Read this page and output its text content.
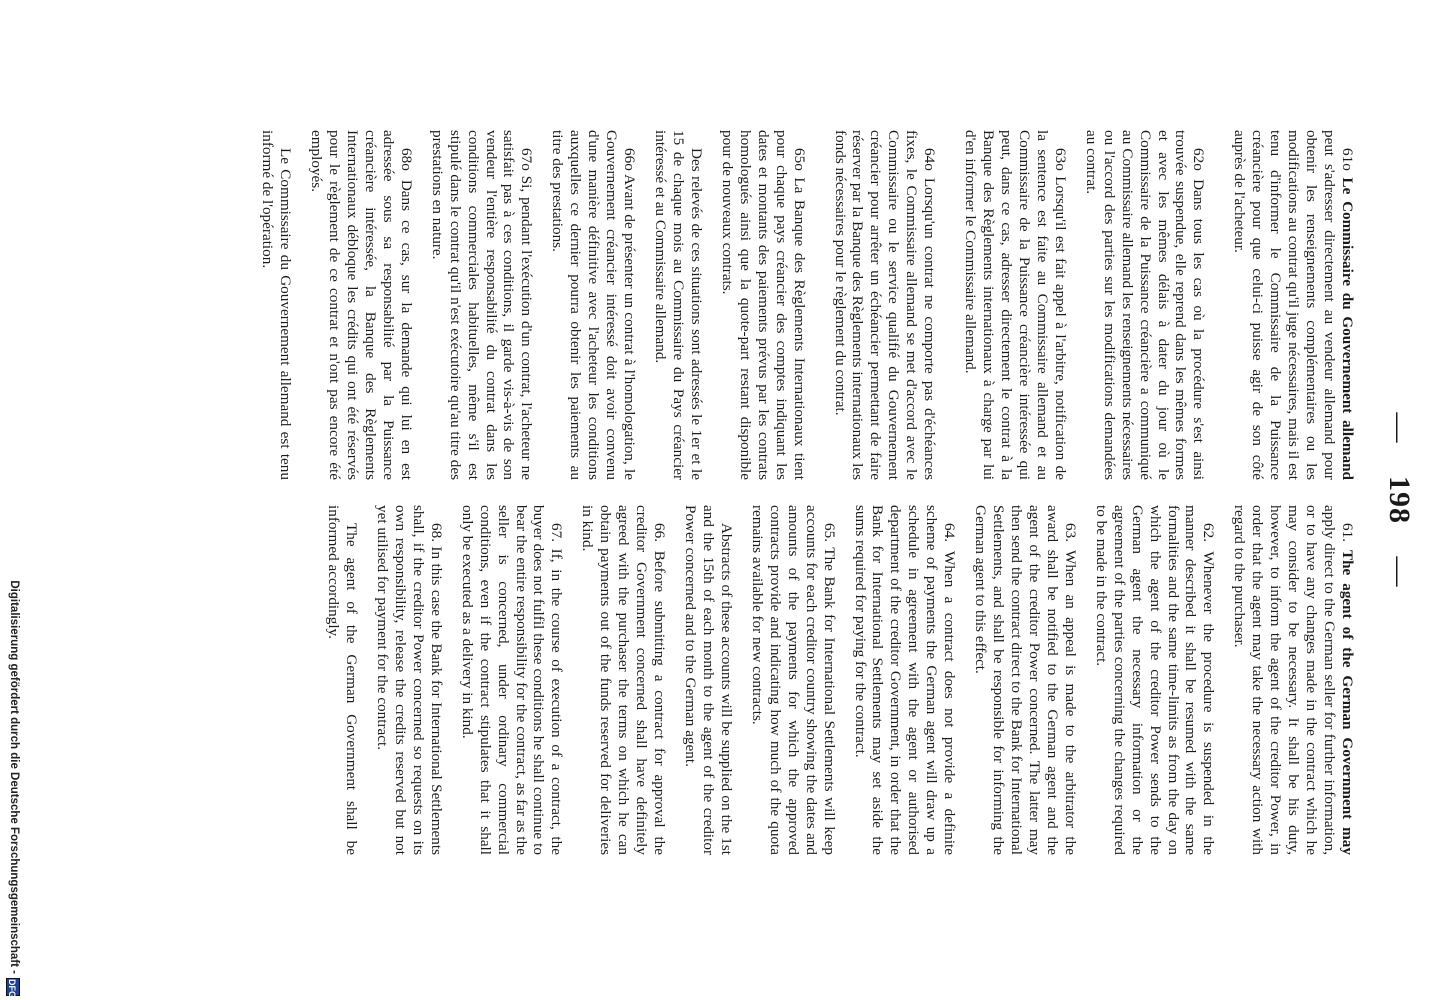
— 198 —

61o Le Commissaire du Gouvernement allemand peut s'adresser directement au vendeur allemand pour obtenir les renseignements complémentaires ou les modifications au contrat qu'il juge nécessaires, mais il est tenu d'informer le Commissaire de la Puissance créancière pour que celui-ci puisse agir de son côté auprès de l'acheteur.

62o Dans tous les cas où la procédure s'est ainsi trouvée suspendue, elle reprend dans les mêmes formes et avec les mêmes délais à dater du jour où le Commissaire de la Puissance créancière a communiqué au Commissaire allemand les renseignements nécessaires ou l'accord des parties sur les modifications demandées au contrat.

63o Lorsqu'il est fait appel à l'arbitre, notification de la sentence est faite au Commissaire allemand et au Commissaire de la Puissance créancière intéressée qui peut, dans ce cas, adresser directement le contrat à la Banque des Règlements internationaux à charge par lui d'en informer le Commissaire allemand.

64o Lorsqu'un contrat ne comporte pas d'échéances fixes, le Commissaire allemand se met d'accord avec le Commissaire ou le service qualifié du Gouvernement créancier pour arrêter un échéancier permettant de faire réserver par la Banque des Règlements internationaux les fonds nécessaires pour le règlement du contrat.

65o La Banque des Règlements Internationaux tient pour chaque pays créancier des comptes indiquant les dates et montants des paiements prévus par les contrats homologués ainsi que la quote-part restant disponible pour de nouveaux contrats.

Des relevés de ces situations sont adressés le 1er et le 15 de chaque mois au Commissaire du Pays créancier intéressé et au Commissaire allemand.

66o Avant de présenter un contrat à l'homologation, le Gouvernement créancier intéressé doit avoir convenu d'une manière définitive avec l'acheteur les conditions auxquelles ce dernier pourra obtenir les paiements au titre des prestations.

67o Si, pendant l'exécution d'un contrat, l'acheteur ne satisfait pas à ces conditions, il garde vis-à-vis de son vendeur l'entière responsabilité du contrat dans les conditions commerciales habituelles, même s'il est stipulé dans le contrat qu'il n'est exécutoire qu'au titre des prestations en nature.

68o Dans ce cas, sur la demande qui lui en est adressée sous sa responsabilité par la Puissance créancière intéressée, la Banque des Règlements Internationaux débloque les crédits qui ont été réservés pour le règlement de ce contrat et n'ont pas encore été employés.

Le Commissaire du Gouvernement allemand est tenu informé de l'opération.

61. The agent of the German Government may apply direct to the German seller for further information, or to have any changes made in the contract which he may consider to be necessary. It shall be his duty, however, to inform the agent of the creditor Power, in order that the agent may take the necessary action with regard to the purchaser.

62. Whenever the procedure is suspended in the manner described it shall be resumed with the same formalities and the same time-limits as from the day on which the agent of the creditor Power sends to the German agent the necessary information or the agreement of the parties concerning the changes required to be made in the contract.

63. When an appeal is made to the arbitrator the award shall be notified to the German agent and the agent of the creditor Power concerned. The latter may then send the contract direct to the Bank for International Settlements, and shall be responsible for informing the German agent to this effect.

64. When a contract does not provide a definite scheme of payments the German agent will draw up a schedule in agreement with the agent or authorised department of the creditor Government, in order that the Bank for International Settlements may set aside the sums required for paying for the contract.

65. The Bank for International Settlements will keep accounts for each creditor country showing the dates and amounts of the payments for which the approved contracts provide and indicating how much of the quota remains available for new contracts.

Abstracts of these accounts will be supplied on the 1st and the 15th of each month to the agent of the creditor Power concerned and to the German agent.

66. Before submitting a contract for approval the creditor Government concerned shall have definitely agreed with the purchaser the terms on which he can obtain payments out of the funds reserved for deliveries in kind.

67. If, in the course of execution of a contract, the buyer does not fulfil these conditions he shall continue to bear the entire responsibility for the contract, as far as the seller is concerned, under ordinary commercial conditions, even if the contract stipulates that it shall only be executed as a delivery in kind.

68. In this case the Bank for International Settlements shall, if the creditor Power concerned so requests on its own responsibility, release the credits reserved but not yet utilised for payment for the contract.

The agent of the German Government shall be informed accordingly.

Digitalisierung gefördert durch die Deutsche Forschungsgemeinschaft -
DFG
